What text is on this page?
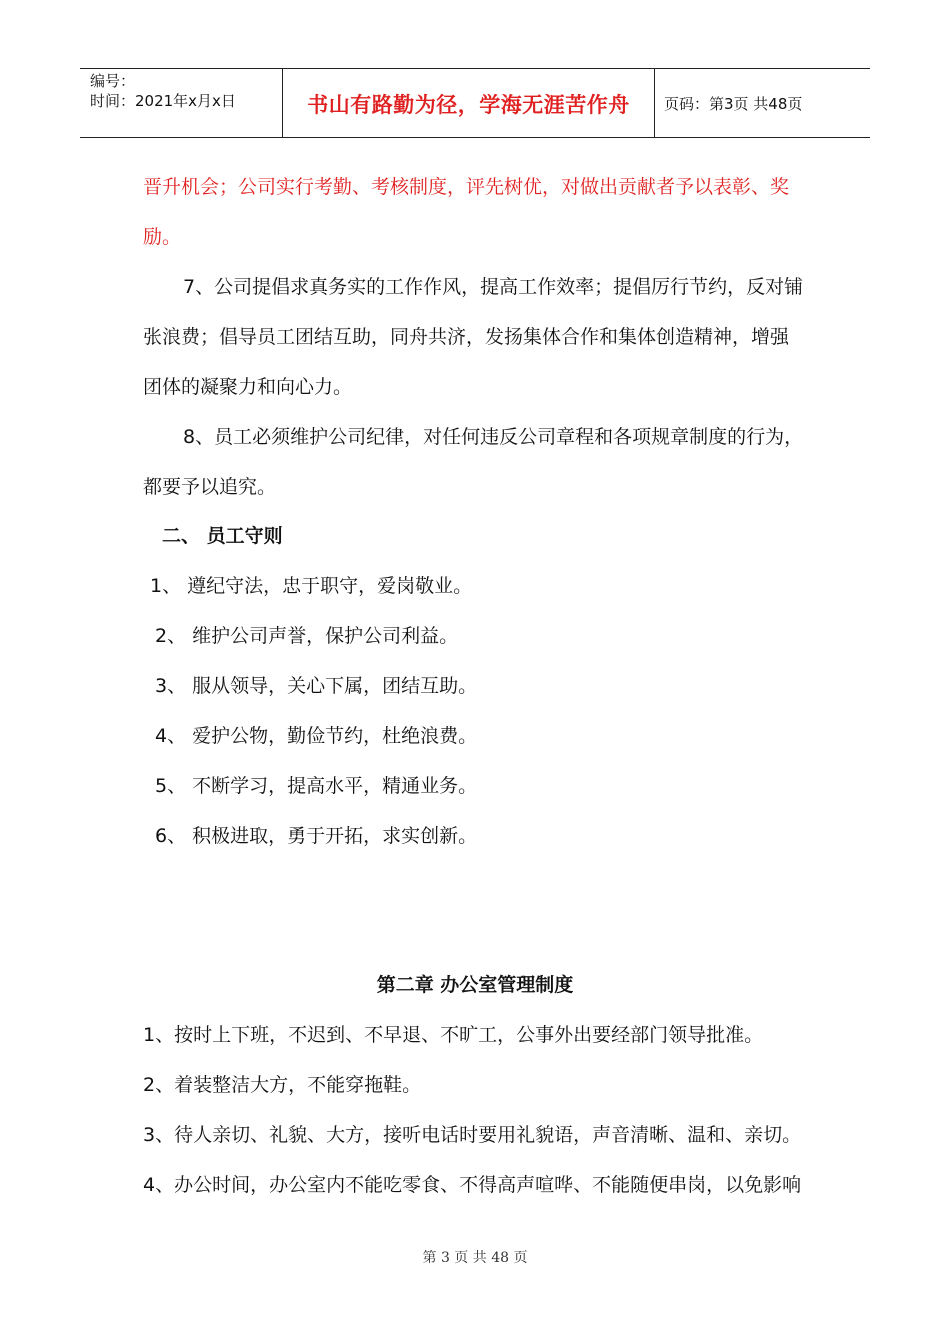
编号：
时间：2021年x月x日	书山有路勤为径，学海无涯苦作舟	页码：第3页 共48页
晋升机会；公司实行考勤、考核制度，评先树优，对做出贡献者予以表彰、奖
励。
7、公司提倡求真务实的工作作风，提高工作效率；提倡厉行节约，反对铺
张浪费；倡导员工团结互助，同舟共济，发扬集体合作和集体创造精神，增强
团体的凝聚力和向心力。
8、员工必须维护公司纪律，对任何违反公司章程和各项规章制度的行为，
都要予以追究。
二、 员工守则
1、 遵纪守法，忠于职守，爱岗敬业。
2、 维护公司声誉，保护公司利益。
3、 服从领导，关心下属，团结互助。
4、 爱护公物，勤俭节约，杜绝浪费。
5、 不断学习，提高水平，精通业务。
6、 积极进取，勇于开拓，求实创新。
第二章 办公室管理制度
1、按时上下班，不迟到、不早退、不旷工，公事外出要经部门领导批准。
2、着装整洁大方，不能穿拖鞋。
3、待人亲切、礼貌、大方，接听电话时要用礼貌语，声音清晰、温和、亲切。
4、办公时间，办公室内不能吃零食、不得高声喧哗、不能随便串岗，以免影响
第 3 页 共 48 页
